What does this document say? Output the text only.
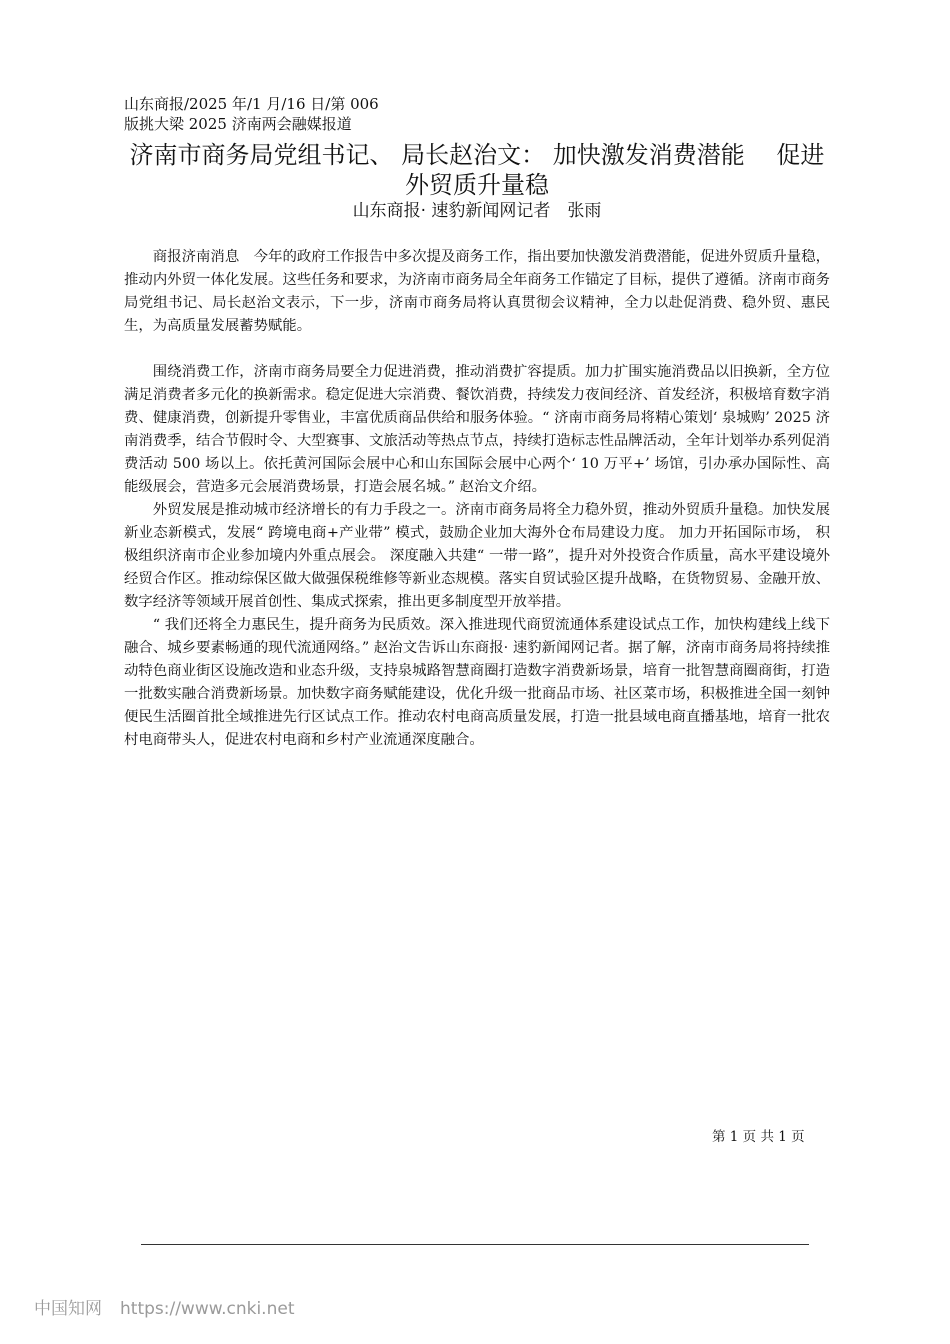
山东商报/2025 年/1 月/16 日/第 006
版挑大梁 2025 济南两会融媒报道
济南市商务局党组书记、 局长赵治文： 加快激发消费潜能　 促进外贸质升量稳
山东商报· 速豹新闻网记者　张雨

商报济南消息　今年的政府工作报告中多次提及商务工作，指出要加快激发消费潜能，促进外贸质升量稳，推动内外贸一体化发展。这些任务和要求，为济南市商务局全年商务工作锚定了目标，提供了遵循。济南市商务局党组书记、局长赵治文表示，下一步，济南市商务局将认真贯彻会议精神，全力以赴促消费、稳外贸、惠民生，为高质量发展蓄势赋能。

围绕消费工作，济南市商务局要全力促进消费，推动消费扩容提质。加力扩围实施消费品以旧换新，全方位满足消费者多元化的换新需求。稳定促进大宗消费、餐饮消费，持续发力夜间经济、首发经济，积极培育数字消费、健康消费，创新提升零售业，丰富优质商品供给和服务体验。“ 济南市商务局将精心策划‘ 泉城购’ 2025 济南消费季，结合节假时令、大型赛事、文旅活动等热点节点，持续打造标志性品牌活动，全年计划举办系列促消费活动 500 场以上。依托黄河国际会展中心和山东国际会展中心两个‘ 10 万平+’ 场馆，引办承办国际性、高能级展会，营造多元会展消费场景，打造会展名城。” 赵治文介绍。

外贸发展是推动城市经济增长的有力手段之一。济南市商务局将全力稳外贸，推动外贸质升量稳。加快发展新业态新模式，发展“ 跨境电商+产业带” 模式，鼓励企业加大海外仓布局建设力度。 加力开拓国际市场， 积极组织济南市企业参加境内外重点展会。 深度融入共建“ 一带一路”，提升对外投资合作质量，高水平建设境外经贸合作区。推动综保区做大做强保税维修等新业态规模。落实自贸试验区提升战略，在货物贸易、金融开放、数字经济等领域开展首创性、集成式探索，推出更多制度型开放举措。

“ 我们还将全力惠民生，提升商务为民质效。深入推进现代商贸流通体系建设试点工作，加快构建线上线下融合、城乡要素畅通的现代流通网络。” 赵治文告诉山东商报· 速豹新闻网记者。据了解，济南市商务局将持续推动特色商业街区设施改造和业态升级，支持泉城路智慧商圈打造数字消费新场景，培育一批智慧商圈商街，打造一批数实融合消费新场景。加快数字商务赋能建设，优化升级一批商品市场、社区菜市场，积极推进全国一刻钟便民生活圈首批全域推进先行区试点工作。推动农村电商高质量发展，打造一批县域电商直播基地，培育一批农村电商带头人，促进农村电商和乡村产业流通深度融合。

第 1 页 共 1 页
中国知网 https://www.cnki.net
